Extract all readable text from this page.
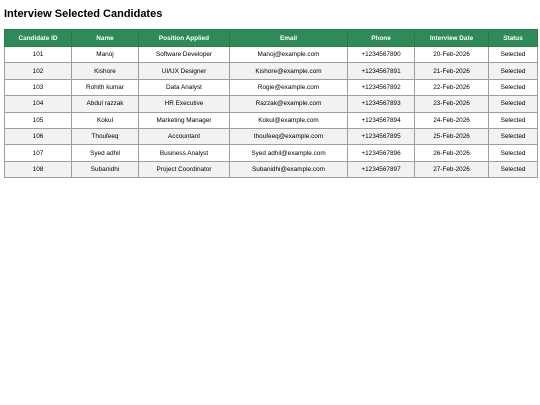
Interview Selected Candidates
Candidate ID	Name	Position Applied	Email	Phone	Interview Date	Status
101	Manoj	Software Developer	Manoj@example.com	+1234567890	20-Feb-2026	Selected
102	Kishore	UI/UX Designer	Kishore@example.com	+1234567891	21-Feb-2026	Selected
103	Rohith kumar	Data Analyst	Rogie@example.com	+1234567892	22-Feb-2026	Selected
104	Abdul razzak	HR Executive	Razzak@example.com	+1234567893	23-Feb-2026	Selected
105	Kokul	Marketing Manager	Kokul@example.com	+1234567894	24-Feb-2026	Selected
106	Thoufeeq	Accountant	thoufeeq@example.com	+1234567895	25-Feb-2026	Selected
107	Syed adhil	Business Analyst	Syed adhil@example.com	+1234567896	26-Feb-2026	Selected
108	Subanidhi	Project Coordinator	Subanidhi@example.com	+1234567897	27-Feb-2026	Selected
